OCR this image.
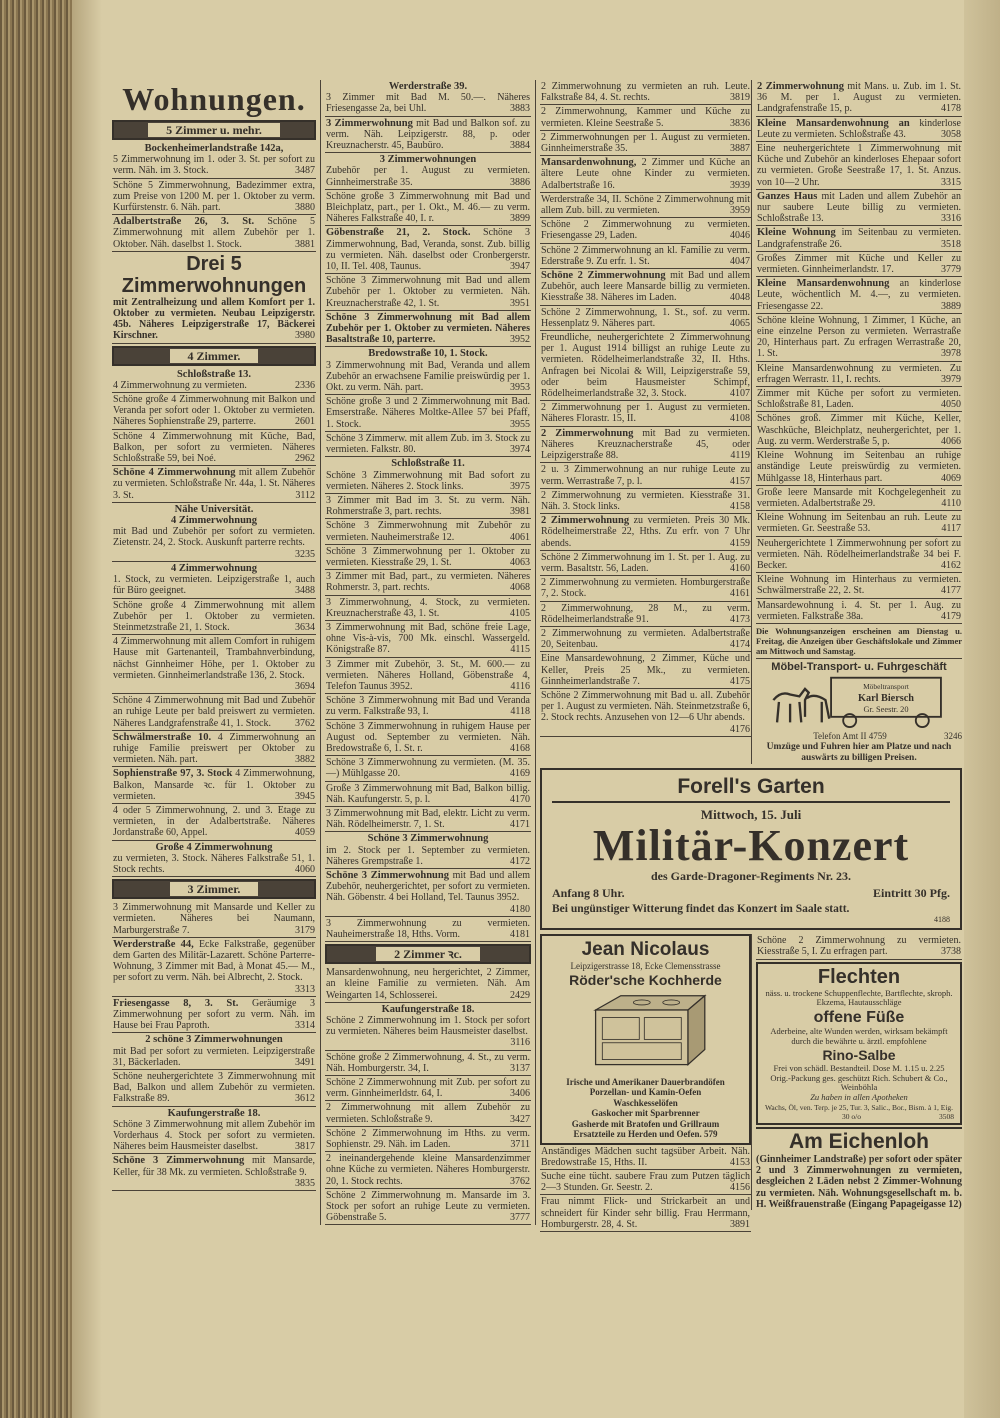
Wohnungen.
5 Zimmer u. mehr.
Bockenheimerlandstraße 142a,
5 Zimmerwohnung im 1. oder 3. St. per sofort zu verm. Näh. im 3. Stock.	3487
Schöne 5 Zimmerwohnung, Badezimmer extra, zum Preise von 1200 M. per 1. Oktober zu verm. Kurfürstenstr. 6. Näh. part.	3880
Adalbertstraße 26, 3. St. Schöne 5 Zimmerwohnung mit allem Zubehör per 1. Oktober. Näh. daselbst 1. Stock.	3881
Drei 5 Zimmerwohnungen
mit Zentralheizung und allem Komfort per 1. Oktober zu vermieten. Neubau Leipzigerstr. 45b. Näheres Leipzigerstraße 17, Bäckerei Kirschner.	3980
4 Zimmer.
Schloßstraße 13.
4 Zimmerwohnung zu vermieten.	2336
Schöne große 4 Zimmerwohnung mit Balkon und Veranda per sofort oder 1. Oktober zu vermieten. Näheres Sophienstraße 29, parterre.	2601
Schöne 4 Zimmerwohnung mit Küche, Bad, Balkon, per sofort zu vermieten. Näheres Schloßstraße 59, bei Noé.	2962
Schöne 4 Zimmerwohnung mit allem Zubehör zu vermieten. Schloßstraße Nr. 44a, 1. St. Näheres 3. St.	3112
Nähe Universität.
4 Zimmerwohnung
mit Bad und Zubehör per sofort zu vermieten. Zietenstr. 24, 2. Stock. Auskunft parterre rechts.
3235
4 Zimmerwohnung
1. Stock, zu vermieten. Leipzigerstraße 1, auch für Büro geeignet.	3488
Schöne große 4 Zimmerwohnung mit allem Zubehör per 1. Oktober zu vermieten. Steinmetzstraße 21, 1. Stock.	3634
4 Zimmerwohnung mit allem Comfort in ruhigem Hause mit Gartenanteil, Trambahnverbindung, nächst Ginnheimer Höhe, per 1. Oktober zu vermieten. Ginnheimerlandstraße 136, 2. Stock.
3694
Schöne 4 Zimmerwohnung mit Bad und Zubehör an ruhige Leute per bald preiswert zu vermieten. Näheres Landgrafenstraße 41, 1. Stock.	3762
Schwälmerstraße 10. 4 Zimmerwohnung an ruhige Familie preiswert per Oktober zu vermieten. Näh. part.	3882
Sophienstraße 97, 3. Stock 4 Zimmerwohnung, Balkon, Mansarde ꝛc. für 1. Oktober zu vermieten.	3945
4 oder 5 Zimmerwohnung, 2. und 3. Etage zu vermieten, in der Adalbertstraße. Näheres Jordanstraße 60, Appel.	4059
Große 4 Zimmerwohnung
zu vermieten, 3. Stock. Näheres Falkstraße 51, 1. Stock rechts.	4060
3 Zimmer.
3 Zimmerwohnung mit Mansarde und Keller zu vermieten. Näheres bei Naumann, Marburgerstraße 7.	3179
Werderstraße 44, Ecke Falkstraße, gegenüber dem Garten des Militär-Lazarett. Schöne Parterre-Wohnung, 3 Zimmer mit Bad, à Monat 45.— M., per sofort zu verm. Näh. bei Albrecht, 2. Stock.
3313
Friesengasse 8, 3. St. Geräumige 3 Zimmerwohnung per sofort zu verm. Näh. im Hause bei Frau Paproth.	3314
2 schöne 3 Zimmerwohnungen
mit Bad per sofort zu vermieten. Leipzigerstraße 31, Bäckerladen.	3491
Schöne neuhergerichtete 3 Zimmerwohnung mit Bad, Balkon und allem Zubehör zu vermieten. Falkstraße 89.	3612
Kaufungerstraße 18.
Schöne 3 Zimmerwohnung mit allem Zubehör im Vorderhaus 4. Stock per sofort zu vermieten. Näheres beim Hausmeister daselbst.	3817
Schöne 3 Zimmerwohnung mit Mansarde, Keller, für 38 Mk. zu vermieten. Schloßstraße 9.
3835
Werderstraße 39.
3 Zimmer mit Bad M. 50.—. Näheres Friesengasse 2a, bei Uhl.	3883
3 Zimmerwohnung mit Bad und Balkon sof. zu verm. Näh. Leipzigerstr. 88, p. oder Kreuznacherstr. 45, Baubüro.	3884
3 Zimmerwohnungen
Zubehör per 1. August zu vermieten. Ginnheimerstraße 35.	3886
Schöne große 3 Zimmerwohnung mit Bad und Bleichplatz, part., per 1. Okt., M. 46.— zu verm. Näheres Falkstraße 40, I. r.	3899
Göbenstraße 21, 2. Stock. Schöne 3 Zimmerwohnung, Bad, Veranda, sonst. Zub. billig zu vermieten. Näh. daselbst oder Cronbergerstr. 10, II. Tel. 408, Taunus.	3947
Schöne 3 Zimmerwohnung mit Bad und allem Zubehör per 1. Oktober zu vermieten. Näh. Kreuznacherstraße 42, 1. St.	3951
Schöne 3 Zimmerwohnung mit Bad allem Zubehör per 1. Oktober zu vermieten. Näheres Basaltstraße 10, parterre.	3952
Bredowstraße 10, 1. Stock.
3 Zimmerwohnung mit Bad, Veranda und allem Zubehör an erwachsene Familie preiswürdig per 1. Okt. zu verm. Näh. part.	3953
Schöne große 3 und 2 Zimmerwohnung mit Bad. Emserstraße. Näheres Moltke-Allee 57 bei Pfaff, 1. Stock.	3955
Schöne 3 Zimmerw. mit allem Zub. im 3. Stock zu vermieten. Falkstr. 80.	3974
Schloßstraße 11.
Schöne 3 Zimmerwohnung mit Bad sofort zu vermieten. Näheres 2. Stock links.	3975
3 Zimmer mit Bad im 3. St. zu verm. Näh. Rohmerstraße 3, part. rechts.	3981
Schöne 3 Zimmerwohnung mit Zubehör zu vermieten. Nauheimerstraße 12.	4061
Schöne 3 Zimmerwohnung per 1. Oktober zu vermieten. Kiesstraße 29, 1. St.	4063
3 Zimmer mit Bad, part., zu vermieten. Näheres Rohmerstr. 3, part. rechts.	4068
3 Zimmerwohnung, 4. Stock, zu vermieten. Kreuznacherstraße 43, 1. St.	4105
3 Zimmerwohnung mit Bad, schöne freie Lage, ohne Vis-à-vis, 700 Mk. einschl. Wassergeld. Königstraße 87.	4115
3 Zimmer mit Zubehör, 3. St., M. 600.— zu vermieten. Näheres Holland, Göbenstraße 4, Telefon Taunus 3952.	4116
Schöne 3 Zimmerwohnung mit Bad und Veranda zu verm. Falkstraße 93, I.	4118
Schöne 3 Zimmerwohnung in ruhigem Hause per August od. September zu vermieten. Näh. Bredowstraße 6, 1. St. r.	4168
Schöne 3 Zimmerwohnung zu vermieten. (M. 35.—) Mühlgasse 20.	4169
Große 3 Zimmerwohnung mit Bad, Balkon billig. Näh. Kaufungerstr. 5, p. l.	4170
3 Zimmerwohnung mit Bad, elektr. Licht zu verm. Näh. Rödelheimerstr. 7, 1. St.	4171
Schöne 3 Zimmerwohnung
im 2. Stock per 1. September zu vermieten. Näheres Grempstraße 1.	4172
Schöne 3 Zimmerwohnung mit Bad und allem Zubehör, neuhergerichtet, per sofort zu vermieten. Näh. Göbenstr. 4 bei Holland, Tel. Taunus 3952.
4180
3 Zimmerwohnung zu vermieten. Nauheimerstraße 18, Hths. Vorm.	4181
2 Zimmer ꝛc.
Mansardenwohnung, neu hergerichtet, 2 Zimmer, an kleine Familie zu vermieten. Näh. Am Weingarten 14, Schlosserei.	2429
Kaufungerstraße 18.
Schöne 2 Zimmerwohnung im 1. Stock per sofort zu vermieten. Näheres beim Hausmeister daselbst.
3116
Schöne große 2 Zimmerwohnung, 4. St., zu verm. Näh. Homburgerstr. 34, I.	3137
Schöne 2 Zimmerwohnung mit Zub. per sofort zu verm. Ginnheimerldstr. 64, I.	3406
2 Zimmerwohnung mit allem Zubehör zu vermieten. Schloßstraße 9.	3427
Schöne 2 Zimmerwohnung im Hths. zu verm. Sophienstr. 29. Näh. im Laden.	3711
2 ineinandergehende kleine Mansardenzimmer ohne Küche zu vermieten. Näheres Homburgerstr. 20, 1. Stock rechts.	3762
Schöne 2 Zimmerwohnung m. Mansarde im 3. Stock per sofort an ruhige Leute zu vermieten. Göbenstraße 5.	3777
2 Zimmerwohnung zu vermieten an ruh. Leute. Falkstraße 84, 4. St. rechts.	3819
2 Zimmerwohnung, Kammer und Küche zu vermieten. Kleine Seestraße 5.	3836
2 Zimmerwohnungen per 1. August zu vermieten. Ginnheimerstraße 35.	3887
Mansardenwohnung, 2 Zimmer und Küche an ältere Leute ohne Kinder zu vermieten. Adalbertstraße 16.	3939
Werderstraße 34, II. Schöne 2 Zimmerwohnung mit allem Zub. bill. zu vermieten.	3959
Schöne 2 Zimmerwohnung zu vermieten. Friesengasse 29, Laden.	4046
Schöne 2 Zimmerwohnung an kl. Familie zu verm. Ederstraße 9. Zu erfr. 1. St.	4047
Schöne 2 Zimmerwohnung mit Bad und allem Zubehör, auch leere Mansarde billig zu vermieten. Kiesstraße 38. Näheres im Laden.	4048
Schöne 2 Zimmerwohnung, 1. St., sof. zu verm. Hessenplatz 9. Näheres part.	4065
Freundliche, neuhergerichtete 2 Zimmerwohnung per 1. August 1914 billigst an ruhige Leute zu vermieten. Rödelheimerlandstraße 32, II. Hths. Anfragen bei Nicolai & Will, Leipzigerstraße 59, oder beim Hausmeister Schimpf, Rödelheimerlandstraße 32, 3. Stock.	4107
2 Zimmerwohnung per 1. August zu vermieten. Näheres Florastr. 15, II.	4108
2 Zimmerwohnung mit Bad zu vermieten. Näheres Kreuznacherstraße 45, oder Leipzigerstraße 88.	4119
2 u. 3 Zimmerwohnung an nur ruhige Leute zu verm. Werrastraße 7, p. l.	4157
2 Zimmerwohnung zu vermieten. Kiesstraße 31. Näh. 3. Stock links.	4158
2 Zimmerwohnung zu vermieten. Preis 30 Mk. Rödelheimerstraße 22, Hths. Zu erfr. von 7 Uhr abends.	4159
Schöne 2 Zimmerwohnung im 1. St. per 1. Aug. zu verm. Basaltstr. 56, Laden.	4160
2 Zimmerwohnung zu vermieten. Homburgerstraße 7, 2. Stock.	4161
2 Zimmerwohnung, 28 M., zu verm. Rödelheimerlandstraße 91.	4173
2 Zimmerwohnung zu vermieten. Adalbertstraße 20, Seitenbau.	4174
Eine Mansardewohnung, 2 Zimmer, Küche und Keller, Preis 25 Mk., zu vermieten. Ginnheimerlandstraße 7.	4175
Schöne 2 Zimmerwohnung mit Bad u. all. Zubehör per 1. August zu vermieten. Näh. Steinmetzstraße 6, 2. Stock rechts. Anzusehen von 12—6 Uhr abends.
4176
2 Zimmerwohnung mit Mans. u. Zub. im 1. St. 36 M. per 1. August zu vermieten. Landgrafenstraße 15, p.	4178
Kleine Mansardenwohnung an kinderlose Leute zu vermieten. Schloßstraße 43.	3058
Eine neuhergerichtete 1 Zimmerwohnung mit Küche und Zubehör an kinderloses Ehepaar sofort zu vermieten. Große Seestraße 17, 1. St. Anzus. von 10—2 Uhr.	3315
Ganzes Haus mit Laden und allem Zubehör an nur saubere Leute billig zu vermieten. Schloßstraße 13.	3316
Kleine Wohnung im Seitenbau zu vermieten. Landgrafenstraße 26.	3518
Großes Zimmer mit Küche und Keller zu vermieten. Ginnheimerlandstr. 17.	3779
Kleine Mansardenwohnung an kinderlose Leute, wöchentlich M. 4.—, zu vermieten. Friesengasse 22.	3889
Schöne kleine Wohnung, 1 Zimmer, 1 Küche, an eine einzelne Person zu vermieten. Werrastraße 20, Hinterhaus part. Zu erfragen Werrastraße 20, 1. St.	3978
Kleine Mansardenwohnung zu vermieten. Zu erfragen Werrastr. 11, I. rechts.	3979
Zimmer mit Küche per sofort zu vermieten. Schloßstraße 81, Laden.	4050
Schönes groß. Zimmer mit Küche, Keller, Waschküche, Bleichplatz, neuhergerichtet, per 1. Aug. zu verm. Werderstraße 5, p.	4066
Kleine Wohnung im Seitenbau an ruhige anständige Leute preiswürdig zu vermieten. Mühlgasse 18, Hinterhaus part.	4069
Große leere Mansarde mit Kochgelegenheit zu vermieten. Adalbertstraße 29.	4110
Kleine Wohnung im Seitenbau an ruh. Leute zu vermieten. Gr. Seestraße 53.	4117
Neuhergerichtete 1 Zimmerwohnung per sofort zu vermieten. Näh. Rödelheimerlandstraße 34 bei F. Becker.	4162
Kleine Wohnung im Hinterhaus zu vermieten. Schwälmerstraße 22, 2. St.	4177
Mansardewohnung i. 4. St. per 1. Aug. zu vermieten. Falkstraße 38a.	4179
Die Wohnungsanzeigen erscheinen am Dienstag u. Freitag, die Anzeigen über Geschäftslokale und Zimmer am Mittwoch und Samstag.
Möbel-Transport- u. Fuhrgeschäft
Möbeltransport
Karl Biersch
Gr. Seestr. 20
Telefon Amt II 4759	3246
Umzüge und Fuhren hier am Platze und nach auswärts zu billigen Preisen.
Forell's Garten
Mittwoch, 15. Juli
Militär-Konzert
des Garde-Dragoner-Regiments Nr. 23.
Anfang 8 Uhr.	Eintritt 30 Pfg.
Bei ungünstiger Witterung findet das Konzert im Saale statt.
4188
Jean Nicolaus
Leipzigerstrasse 18, Ecke Clemensstrasse
Röder'sche Kochherde
Irische und Amerikaner Dauerbrandöfen
Porzellan- und Kamin-Oefen
Waschkesselöfen
Gaskocher mit Sparbrenner
Gasherde mit Bratofen und Grillraum
Ersatzteile zu Herden und Oefen. 579
Anständiges Mädchen sucht tagsüber Arbeit. Näh. Bredowstraße 15, Hths. II.	4153
Suche eine tücht. saubere Frau zum Putzen täglich 2—3 Stunden. Gr. Seestr. 2.	4156
Frau nimmt Flick- und Strickarbeit an und schneidert für Kinder sehr billig. Frau Herrmann, Homburgerstr. 28, 4. St.	3891
Schöne 2 Zimmerwohnung zu vermieten. Kiesstraße 5, I. Zu erfragen part.	3738
Flechten
näss. u. trockene Schuppenflechte, Bartflechte, skroph. Ekzema, Hautausschläge
offene Füße
Aderbeine, alte Wunden werden, wirksam bekämpft durch die bewährte u. ärztl. empfohlene
Rino-Salbe
Frei von schädl. Bestandteil. Dose M. 1.15 u. 2.25
Orig.-Packung ges. geschützt Rich. Schubert & Co., Weinböhla
Zu haben in allen Apotheken
Wachs, Öl, ven. Terp. je 25, Tur. 3, Salic., Bor., Bism. à 1, Eig. 30 o/o	3508
Am Eichenloh
(Ginnheimer Landstraße) per sofort oder später 2 und 3 Zimmerwohnungen zu vermieten, desgleichen 2 Läden nebst 2 Zimmer-Wohnung zu vermieten. Näh. Wohnungsgesellschaft m. b. H. Weißfrauenstraße (Eingang Papageigasse 12)
